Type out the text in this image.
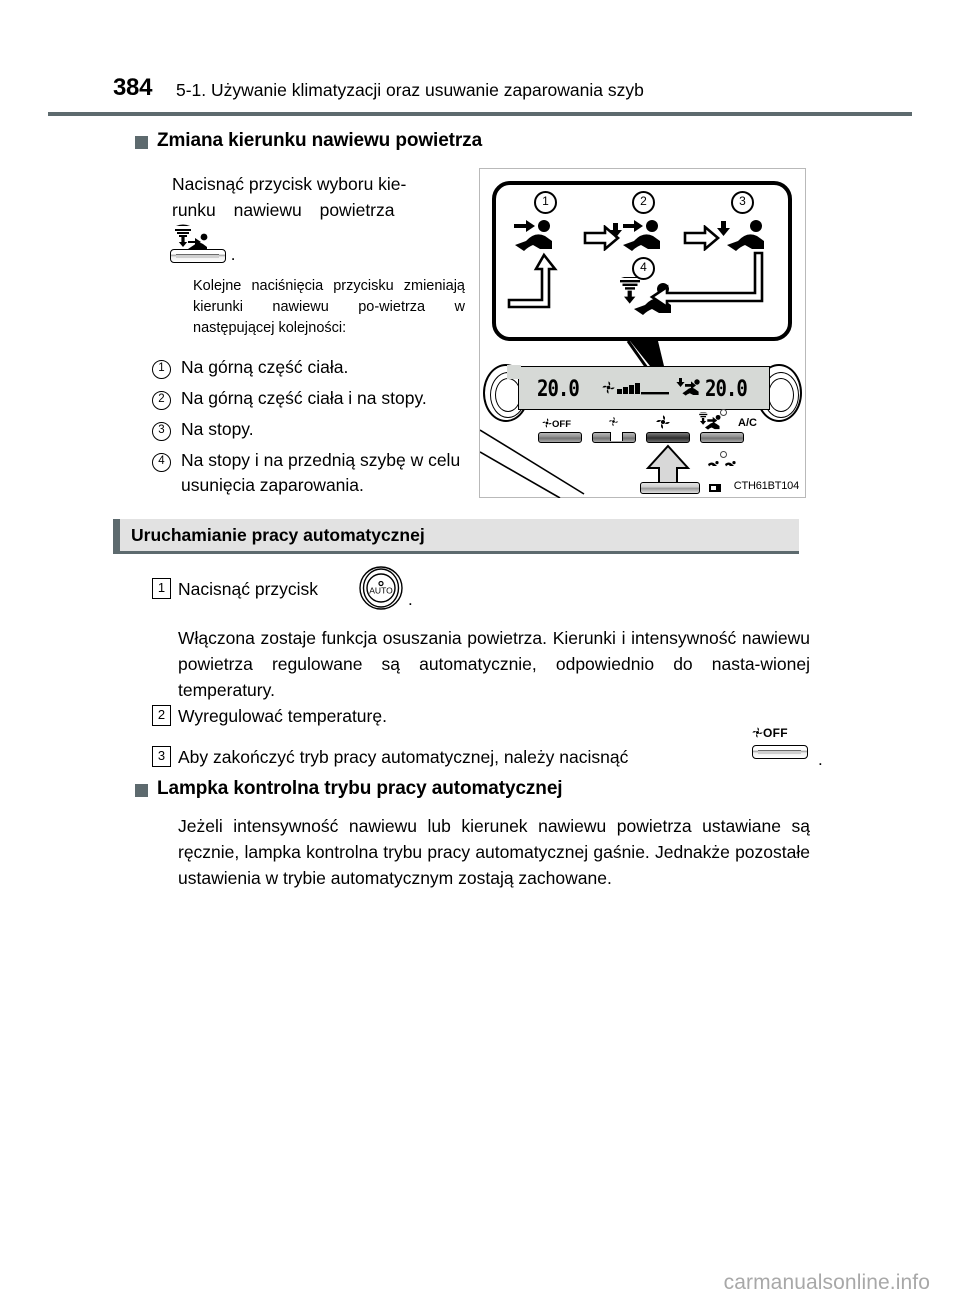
384 5-1. Używanie klimatyzacji oraz usuwanie zaparowania szyb
Zmiana kierunku nawiewu powietrza
Nacisnąć przycisk wyboru kie-
runku nawiewu powietrza
.
Kolejne naciśnięcia przycisku zmieniają kierunki nawiewu po-wietrza w następującej kolejności:
1 Na górną część ciała.
2 Na górną część ciała i na stopy.
3 Na stopy.
4 Na stopy i na przednią szybę w celu usunięcia zaparowania.
1	2	3
4
20.0	20.0
OFF	A/C
CTH61BT104
Uruchamianie pracy automatycznej
1 Nacisnąć przycisk	AUTO .
Włączona zostaje funkcja osuszania powietrza. Kierunki i intensywność nawiewu powietrza regulowane są automatycznie, odpowiednio do nasta-wionej temperatury.
2 Wyregulować temperaturę.
3 Aby zakończyć tryb pracy automatycznej, należy nacisnąć
OFF
.
Lampka kontrolna trybu pracy automatycznej
Jeżeli intensywność nawiewu lub kierunek nawiewu powietrza ustawiane są ręcznie, lampka kontrolna trybu pracy automatycznej gaśnie. Jednakże pozostałe ustawienia w trybie automatycznym zostają zachowane.
carmanualsonline.info
